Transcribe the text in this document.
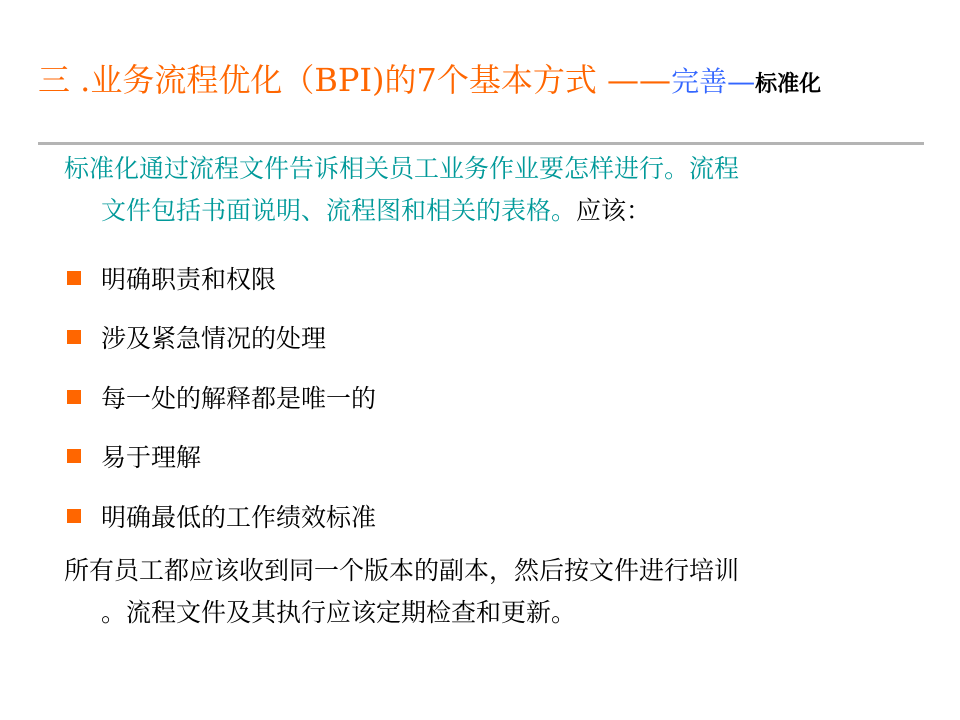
三 .业务流程优化（BPI)的7个基本方式 ——完善—标准化
标准化通过流程文件告诉相关员工业务作业要怎样进行。流程
文件包括书面说明、流程图和相关的表格。应该：
明确职责和权限
涉及紧急情况的处理
每一处的解释都是唯一的
易于理解
明确最低的工作绩效标准
所有员工都应该收到同一个版本的副本，然后按文件进行培训
。流程文件及其执行应该定期检查和更新。
